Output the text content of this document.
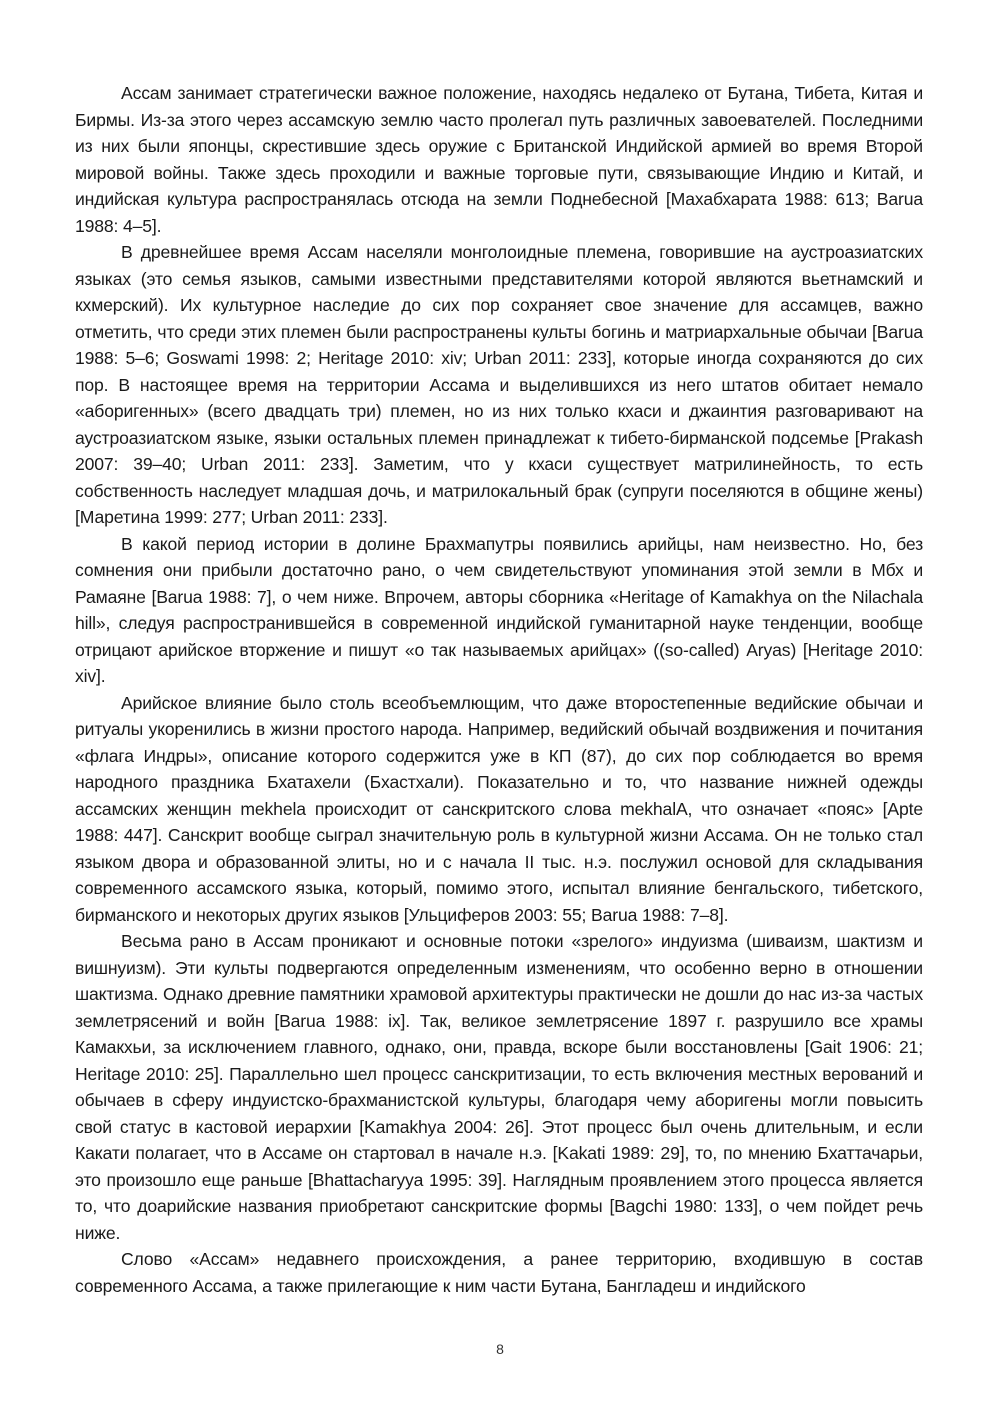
Ассам занимает стратегически важное положение, находясь недалеко от Бутана, Тибета, Китая и Бирмы. Из-за этого через ассамскую землю часто пролегал путь различных завоевателей. Последними из них были японцы, скрестившие здесь оружие с Британской Индийской армией во время Второй мировой войны. Также здесь проходили и важные торговые пути, связывающие Индию и Китай, и индийская культура распространялась отсюда на земли Поднебесной [Махабхарата 1988: 613; Barua 1988: 4–5].

В древнейшее время Ассам населяли монголоидные племена, говорившие на аустроазиатских языках (это семья языков, самыми известными представителями которой являются вьетнамский и кхмерский). Их культурное наследие до сих пор сохраняет свое значение для ассамцев, важно отметить, что среди этих племен были распространены культы богинь и матриархальные обычаи [Barua 1988: 5–6; Goswami 1998: 2; Heritage 2010: xiv; Urban 2011: 233], которые иногда сохраняются до сих пор. В настоящее время на территории Ассама и выделившихся из него штатов обитает немало «аборигенных» (всего двадцать три) племен, но из них только кхаси и джаинтия разговаривают на аустроазиатском языке, языки остальных племен принадлежат к тибето-бирманской подсемье [Prakash 2007: 39–40; Urban 2011: 233]. Заметим, что у кхаси существует матрилинейность, то есть собственность наследует младшая дочь, и матрилокальный брак (супруги поселяются в общине жены) [Маретина 1999: 277; Urban 2011: 233].

В какой период истории в долине Брахмапутры появились арийцы, нам неизвестно. Но, без сомнения они прибыли достаточно рано, о чем свидетельствуют упоминания этой земли в Мбх и Рамаяне [Barua 1988: 7], о чем ниже. Впрочем, авторы сборника «Heritage of Kamakhya on the Nilachala hill», следуя распространившейся в современной индийской гуманитарной науке тенденции, вообще отрицают арийское вторжение и пишут «о так называемых арийцах» ((so-called) Aryas) [Heritage 2010: xiv].

Арийское влияние было столь всеобъемлющим, что даже второстепенные ведийские обычаи и ритуалы укоренились в жизни простого народа. Например, ведийский обычай воздвижения и почитания «флага Индры», описание которого содержится уже в КП (87), до сих пор соблюдается во время народного праздника Бхатахели (Бхастхали). Показательно и то, что название нижней одежды ассамских женщин mekhela происходит от санскритского слова mekhalA, что означает «пояс» [Apte 1988: 447]. Санскрит вообще сыграл значительную роль в культурной жизни Ассама. Он не только стал языком двора и образованной элиты, но и с начала II тыс. н.э. послужил основой для складывания современного ассамского языка, который, помимо этого, испытал влияние бенгальского, тибетского, бирманского и некоторых других языков [Ульциферов 2003: 55; Barua 1988: 7–8].

Весьма рано в Ассам проникают и основные потоки «зрелого» индуизма (шиваизм, шактизм и вишнуизм). Эти культы подвергаются определенным изменениям, что особенно верно в отношении шактизма. Однако древние памятники храмовой архитектуры практически не дошли до нас из-за частых землетрясений и войн [Barua 1988: ix]. Так, великое землетрясение 1897 г. разрушило все храмы Камакхьи, за исключением главного, однако, они, правда, вскоре были восстановлены [Gait 1906: 21; Heritage 2010: 25]. Параллельно шел процесс санскритизации, то есть включения местных верований и обычаев в сферу индуистско-брахманистской культуры, благодаря чему аборигены могли повысить свой статус в кастовой иерархии [Kamakhya 2004: 26]. Этот процесс был очень длительным, и если Какати полагает, что в Ассаме он стартовал в начале н.э. [Kakati 1989: 29], то, по мнению Бхаттачарьи, это произошло еще раньше [Bhattacharyya 1995: 39]. Наглядным проявлением этого процесса является то, что доарийские названия приобретают санскритские формы [Bagchi 1980: 133], о чем пойдет речь ниже.

Слово «Ассам» недавнего происхождения, а ранее территорию, входившую в состав современного Ассама, а также прилегающие к ним части Бутана, Бангладеш и индийского

8
